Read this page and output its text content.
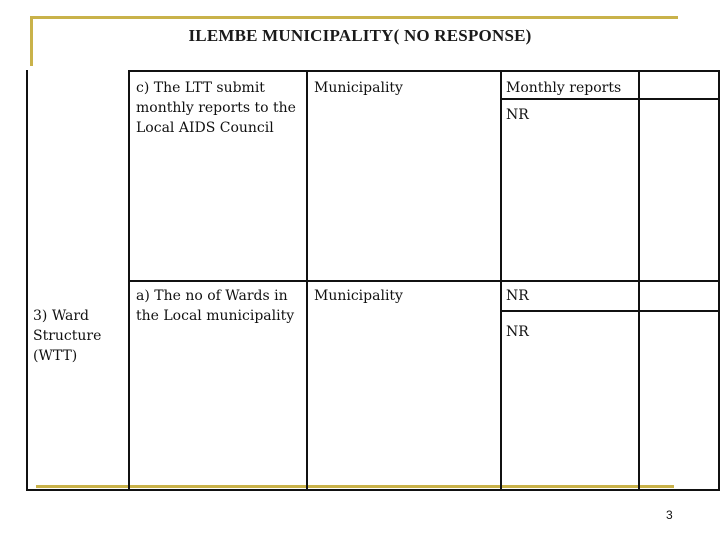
ILEMBE MUNICIPALITY( NO RESPONSE)
c) The LTT submit monthly reports to the Local AIDS Council
Municipality	Monthly reports
NR
3) Ward Structure (WTT)
a) The no of Wards in the Local municipality
Municipality	NR
NR
3
